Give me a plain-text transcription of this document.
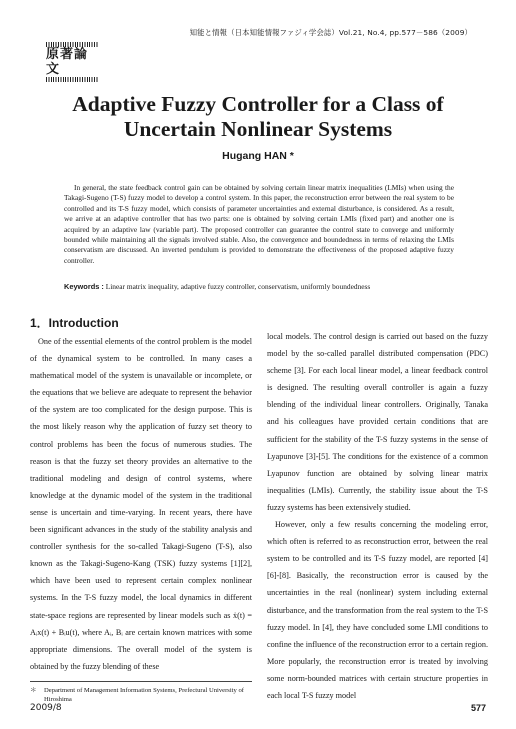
知能と情報（日本知能情報ファジィ学会誌）Vol.21, No.4, pp.577－586（2009）
原著論文
Adaptive Fuzzy Controller for a Class of Uncertain Nonlinear Systems
Hugang HAN *

In general, the state feedback control gain can be obtained by solving certain linear matrix inequalities (LMIs) when using the Takagi-Sugeno (T-S) fuzzy model to develop a control system. In this paper, the reconstruction error between the real system to be controlled and its T-S fuzzy model, which consists of parameter uncertainties and external disturbance, is considered. As a result, we arrive at an adaptive controller that has two parts: one is obtained by solving certain LMIs (fixed part) and another one is acquired by an adaptive law (variable part). The proposed controller can guarantee the control state to converge and uniformly bounded while maintaining all the signals involved stable. Also, the convergence and boundedness in terms of relaxing the LMIs conservatism are discussed. An inverted pendulum is provided to demonstrate the effectiveness of the proposed adaptive fuzzy controller.

Keywords : Linear matrix inequality, adaptive fuzzy controller, conservatism, uniformly boundedness
1．Introduction

One of the essential elements of the control problem is the model of the dynamical system to be controlled. In many cases a mathematical model of the system is unavailable or incomplete, or the equations that we believe are adequate to represent the behavior of the system are too complicated for the design purpose. This is the most likely reason why the application of fuzzy set theory to control problems has been the focus of numerous studies. The reason is that the fuzzy set theory provides an alternative to the traditional modeling and design of control systems, where knowledge at the dynamic model of the system in the traditional sense is uncertain and time-varying. In recent years, there have been significant advances in the study of the stability analysis and controller synthesis for the so-called Takagi-Sugeno (T-S), also known as the Takagi-Sugeno-Kang (TSK) fuzzy systems [1][2], which have been used to represent certain complex nonlinear systems. In the T-S fuzzy model, the local dynamics in different state-space regions are represented by linear models such as ẋ(t) = Aᵢx(t) + Bᵢu(t), where Aᵢ, Bᵢ are certain known matrices with some appropriate dimensions. The overall model of the system is obtained by the fuzzy blending of these

local models. The control design is carried out based on the fuzzy model by the so-called parallel distributed compensation (PDC) scheme [3]. For each local linear model, a linear feedback control is designed. The resulting overall controller is again a fuzzy blending of the individual linear controllers. Originally, Tanaka and his colleagues have provided certain conditions that are sufficient for the stability of the T-S fuzzy systems in the sense of Lyapunove [3]-[5]. The conditions for the existence of a common Lyapunov function are obtained by solving linear matrix inequalities (LMIs). Currently, the stability issue about the T-S fuzzy systems has been extensively studied.
However, only a few results concerning the modeling error, which often is referred to as reconstruction error, between the real system to be controlled and its T-S fuzzy model, are reported [4][6]-[8]. Basically, the reconstruction error is caused by the uncertainties in the real (nonlinear) system including external disturbance, and the transformation from the real system to the T-S fuzzy model. In [4], they have concluded some LMI conditions to confine the influence of the reconstruction error to a certain region. More popularly, the reconstruction error is treated by involving some norm-bounded matrices with certain structure properties in each local T-S fuzzy model
＊	Department of Management Information Systems, Prefectural University of Hiroshima
2009/8	577
